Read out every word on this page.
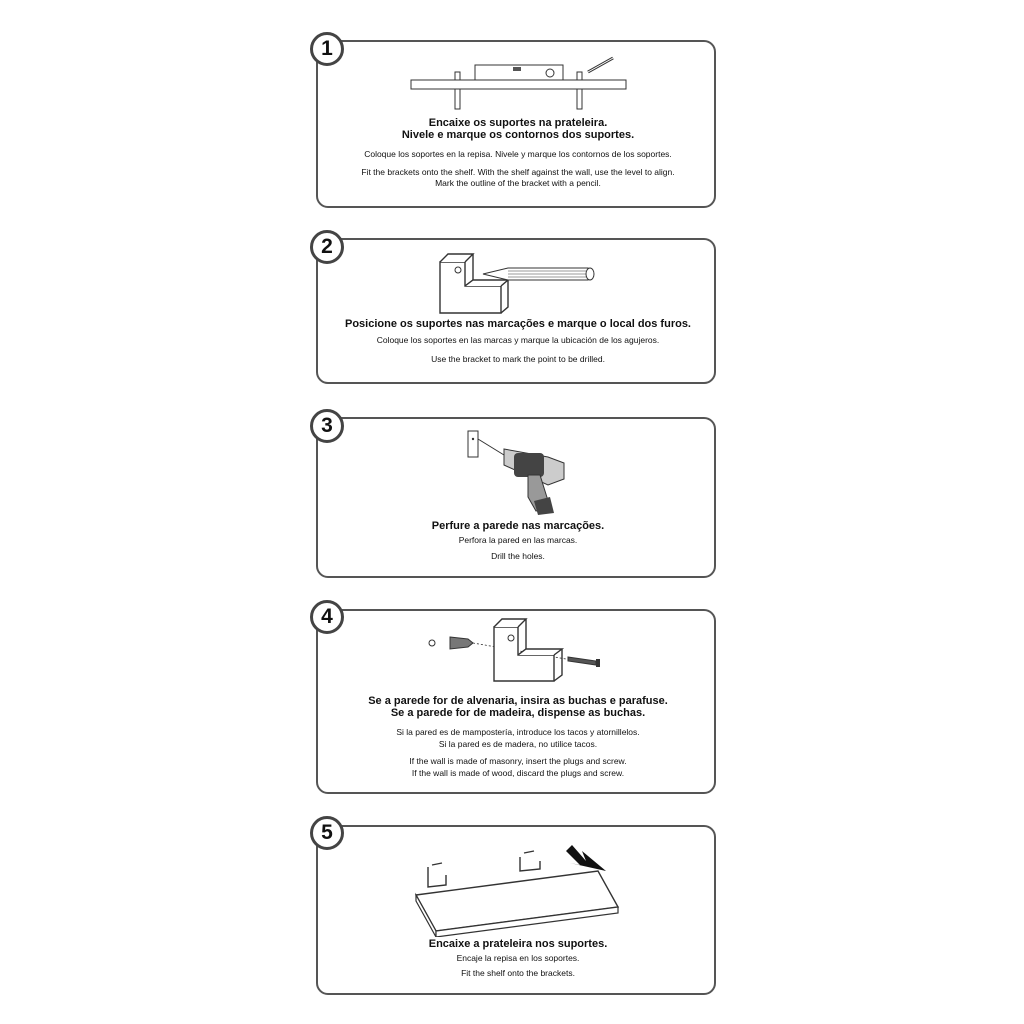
1
Encaixe os suportes na prateleira.
Nivele e marque os contornos dos suportes.
Coloque los soportes en la repisa. Nivele y marque los contornos de los soportes.
Fit the brackets onto the shelf. With the shelf against the wall, use the level to align.
Mark the outline of the bracket with a pencil.
2
Posicione os suportes nas marcações e marque o local dos furos.
Coloque los soportes en las marcas y marque la ubicación de los agujeros.
Use the bracket to mark the point to be drilled.
3
Perfure a parede nas marcações.
Perfora la pared en las marcas.
Drill the holes.
4
Se a parede for de alvenaria, insira as buchas e parafuse.
Se a parede for de madeira, dispense as buchas.
Si la pared es de mampostería, introduce los tacos y atornillelos.
Si la pared es de madera, no utilice tacos.
If the wall is made of masonry, insert the plugs and screw.
If the wall is made of wood, discard the plugs and screw.
5
Encaixe a prateleira nos suportes.
Encaje la repisa en los soportes.
Fit the shelf onto the brackets.
